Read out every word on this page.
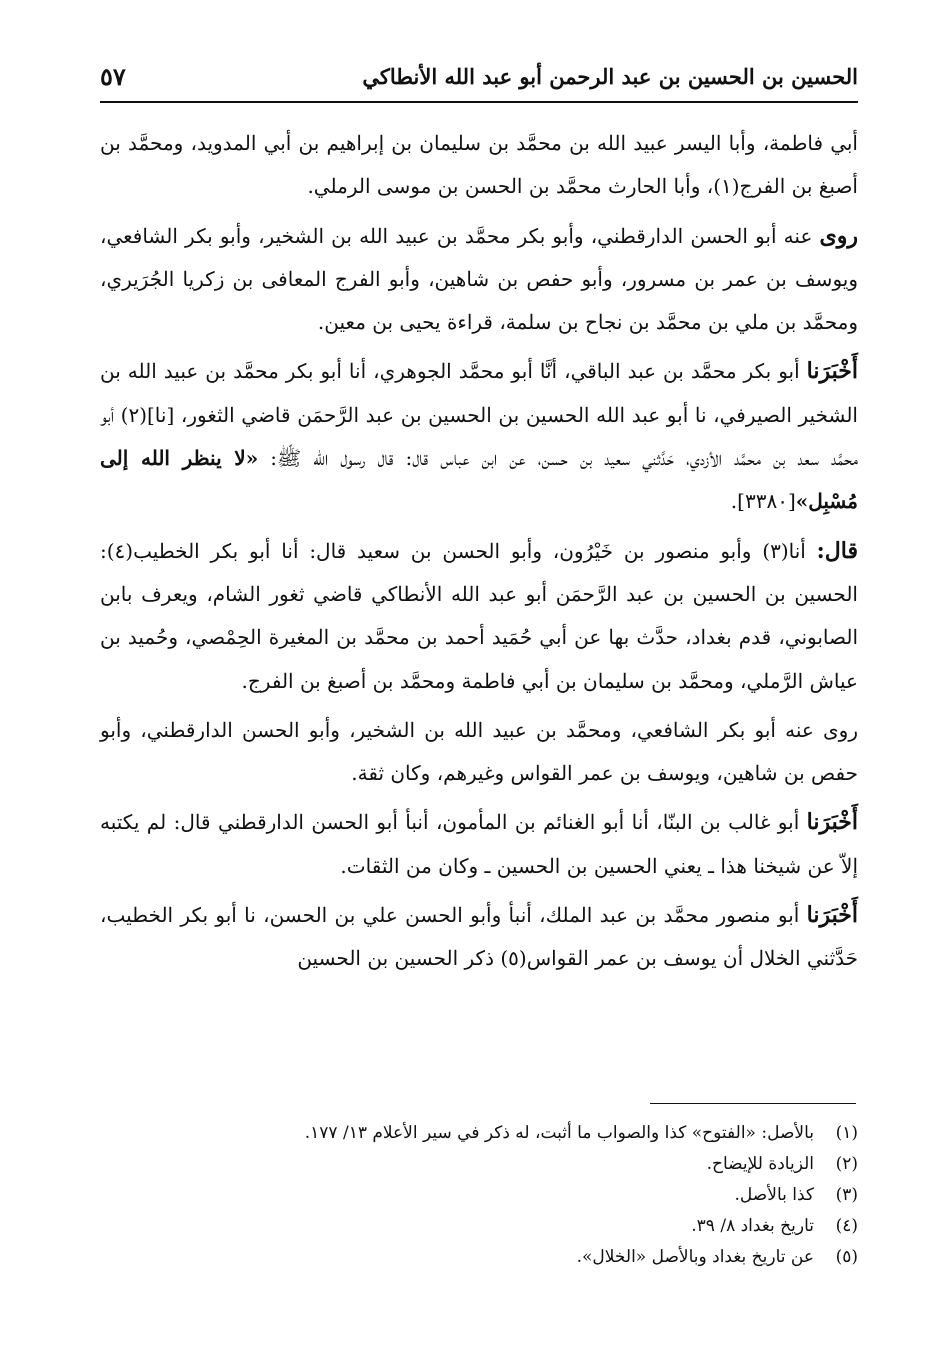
الحسين بن الحسين بن عبد الرحمن أبو عبد الله الأنطاكي
٥٧

أبي فاطمة، وأبا اليسر عبيد الله بن محمَّد بن سليمان بن إبراهيم بن أبي المدويد، ومحمَّد بن أصبغ بن الفرج(١)، وأبا الحارث محمَّد بن الحسن بن موسى الرملي.

روى عنه أبو الحسن الدارقطني، وأبو بكر محمَّد بن عبيد الله بن الشخير، وأبو بكر الشافعي، ويوسف بن عمر بن مسرور، وأبو حفص بن شاهين، وأبو الفرج المعافى بن زكريا الجُرَيري، ومحمَّد بن ملي بن محمَّد بن نجاح بن سلمة، قراءة يحيى بن معين.

أَخْبَرَنا أبو بكر محمَّد بن عبد الباقي، أنَّا أبو محمَّد الجوهري، أنا أبو بكر محمَّد بن عبيد الله بن الشخير الصيرفي، نا أبو عبد الله الحسين بن الحسين بن عبد الرَّحمَن قاضي الثغور، [نا](٢) أبو محمَّد سعد بن محمَّد الأزدي، حَدَّثني سعيد بن حسن، عن ابن عباس قال: قال رسول الله ﷺ: «لا ينظر الله إلى مُسْبِل»[٣٣٨٠].

قال: أنا(٣) وأبو منصور بن خَيْرُون، وأبو الحسن بن سعيد قال: أنا أبو بكر الخطيب(٤): الحسين بن الحسين بن عبد الرَّحمَن أبو عبد الله الأنطاكي قاضي ثغور الشام، ويعرف بابن الصابوني، قدم بغداد، حدَّث بها عن أبي حُمَيد أحمد بن محمَّد بن المغيرة الحِمْصي، وحُميد بن عياش الرَّملي، ومحمَّد بن سليمان بن أبي فاطمة ومحمَّد بن أصبغ بن الفرج.

روى عنه أبو بكر الشافعي، ومحمَّد بن عبيد الله بن الشخير، وأبو الحسن الدارقطني، وأبو حفص بن شاهين، ويوسف بن عمر القواس وغيرهم، وكان ثقة.

أَخْبَرَنا أبو غالب بن البنّا، أنا أبو الغنائم بن المأمون، أنبأ أبو الحسن الدارقطني قال: لم يكتبه إلاّ عن شيخنا هذا ـ يعني الحسين بن الحسين ـ وكان من الثقات.

أَخْبَرَنا أبو منصور محمَّد بن عبد الملك، أنبأ وأبو الحسن علي بن الحسن، نا أبو بكر الخطيب، حَدَّثني الخلال أن يوسف بن عمر القواس(٥) ذكر الحسين بن الحسين

(١)
بالأصل: «الفتوح» كذا والصواب ما أثبت، له ذكر في سير الأعلام ١٣/ ١٧٧.
(٢)
الزيادة للإيضاح.
(٣)
كذا بالأصل.
(٤)
تاريخ بغداد ٨/ ٣٩.
(٥)
عن تاريخ بغداد وبالأصل «الخلال».
